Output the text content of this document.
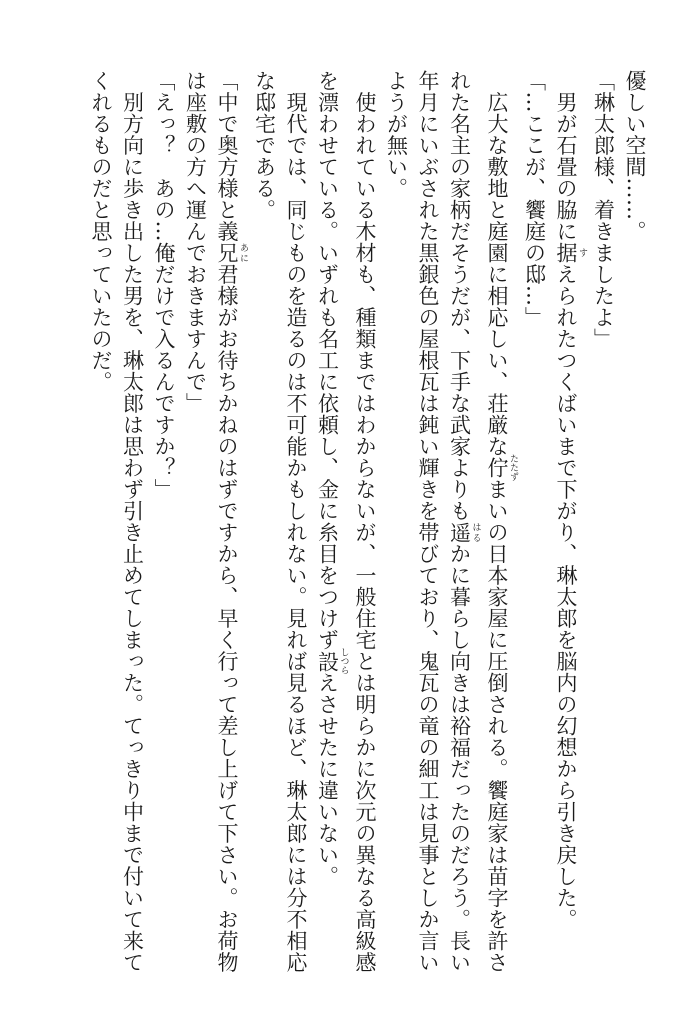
優しい空間……。
「琳太郎様、着きましたよ」
　男が石畳の脇に据 すえられたつくばいまで下がり、琳太郎を脳内の幻想から引き戻した。
「…ここが、饗庭の邸…」
　広大な敷地と庭園に相応しい、荘厳な佇 たたずまいの日本家屋に圧倒される。饗庭家は苗字を許さ
れた名主の家柄だそうだが、下手な武家よりも遥 はるかに暮らし向きは裕福だったのだろう。長い
年月にいぶされた黒銀色の屋根瓦は鈍い輝きを帯びており、鬼瓦の竜の細工は見事としか言い
ようが無い。
　使われている木材も、種類まではわからないが、一般住宅とは明らかに次元の異なる高級感
を漂わせている。いずれも名工に依頼し、金に糸目をつけず設 しつらえさせたに違いない。
　現代では、同じものを造るのは不可能かもしれない。見れば見るほど、琳太郎には分不相応
な邸宅である。
「中で奥方様と義兄 あに君様がお待ちかねのはずですから、早く行って差し上げて下さい。お荷物
は座敷の方へ運んでおきますんで」
「えっ？　あの…俺だけで入るんですか？」
　別方向に歩き出した男を、琳太郎は思わず引き止めてしまった。てっきり中まで付いて来て
くれるものだと思っていたのだ。
